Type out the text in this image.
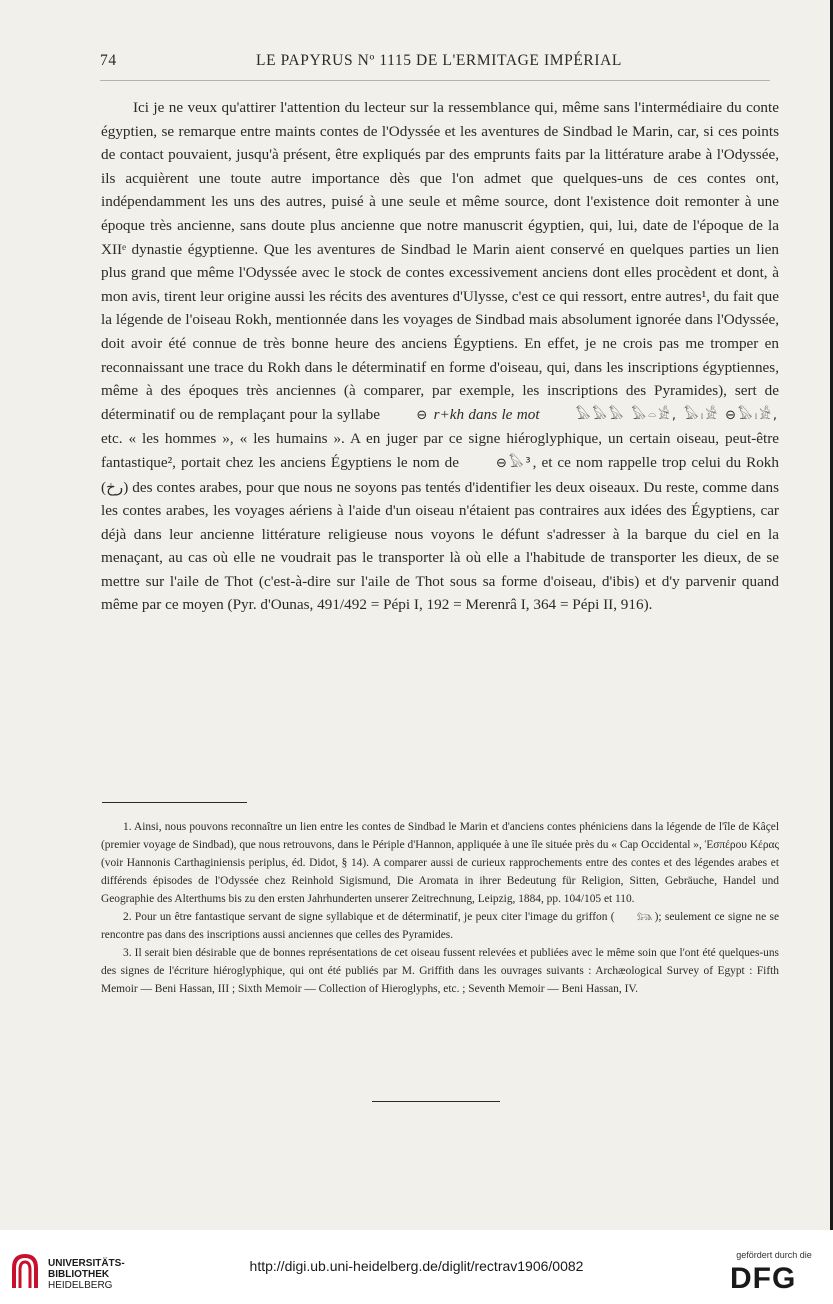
74	LE PAPYRUS Nº 1115 DE L'ERMITAGE IMPÉRIAL

Ici je ne veux qu'attirer l'attention du lecteur sur la ressemblance qui, même sans l'intermédiaire du conte égyptien, se remarque entre maints contes de l'Odyssée et les aventures de Sindbad le Marin, car, si ces points de contact pouvaient, jusqu'à présent, être expliqués par des emprunts faits par la littérature arabe à l'Odyssée, ils acquièrent une toute autre importance dès que l'on admet que quelques-uns de ces contes ont, indépendamment les uns des autres, puisé à une seule et même source, dont l'existence doit remonter à une époque très ancienne, sans doute plus ancienne que notre manuscrit égyptien, qui, lui, date de l'époque de la XIIᵉ dynastie égyptienne. Que les aventures de Sindbad le Marin aient conservé en quelques parties un lien plus grand que même l'Odyssée avec le stock de contes excessivement anciens dont elles procèdent et dont, à mon avis, tirent leur origine aussi les récits des aventures d'Ulysse, c'est ce qui ressort, entre autres¹, du fait que la légende de l'oiseau Rokh, mentionnée dans les voyages de Sindbad mais absolument ignorée dans l'Odyssée, doit avoir été connue de très bonne heure des anciens Égyptiens. En effet, je ne crois pas me tromper en reconnaissant une trace du Rokh dans le déterminatif en forme d'oiseau, qui, dans les inscriptions égyptiennes, même à des époques très anciennes (à comparer, par exemple, les inscriptions des Pyramides), sert de déterminatif ou de remplaçant pour la syllabe	⊖ r+kh dans le mot	𓅃𓅃𓅃 𓅃𓏏𓀀, 𓅃𓏤𓀀 ⊖𓅃𓏤𓀀, etc. « les hommes », « les humains ». A en juger par ce signe hiéroglyphique, un certain oiseau, peut-être fantastique², portait chez les anciens Égyptiens le nom de	⊖𓅃³, et ce nom rappelle trop celui du Rokh (رخ) des contes arabes, pour que nous ne soyons pas tentés d'identifier les deux oiseaux. Du reste, comme dans les contes arabes, les voyages aériens à l'aide d'un oiseau n'étaient pas contraires aux idées des Égyptiens, car déjà dans leur ancienne littérature religieuse nous voyons le défunt s'adresser à la barque du ciel en la menaçant, au cas où elle ne voudrait pas le transporter là où elle a l'habitude de transporter les dieux, de se mettre sur l'aile de Thot (c'est-à-dire sur l'aile de Thot sous sa forme d'oiseau, d'ibis) et d'y parvenir quand même par ce moyen (Pyr. d'Ounas, 491/492 = Pépi I, 192 = Merenrâ I, 364 = Pépi II, 916).

1. Ainsi, nous pouvons reconnaître un lien entre les contes de Sindbad le Marin et d'anciens contes phéniciens dans la légende de l'île de Kâçel (premier voyage de Sindbad), que nous retrouvons, dans le Périple d'Hannon, appliquée à une île située près du « Cap Occidental », Ἑσπέρου Κέρας (voir Hannonis Carthaginiensis periplus, éd. Didot, § 14). A comparer aussi de curieux rapprochements entre des contes et des légendes arabes et différends épisodes de l'Odyssée chez Reinhold Sigismund, Die Aromata in ihrer Bedeutung für Religion, Sitten, Gebräuche, Handel und Geographie des Alterthums bis zu den ersten Jahrhunderten unserer Zeitrechnung, Leipzig, 1884, pp. 104/105 et 110.

2. Pour un être fantastique servant de signe syllabique et de déterminatif, je peux citer l'image du griffon ( 𓃬); seulement ce signe ne se rencontre pas dans des inscriptions aussi anciennes que celles des Pyramides.

3. Il serait bien désirable que de bonnes représentations de cet oiseau fussent relevées et publiées avec le même soin que l'ont été quelques-uns des signes de l'écriture hiéroglyphique, qui ont été publiés par M. Griffith dans les ouvrages suivants : Archæological Survey of Egypt : Fifth Memoir — Beni Hassan, III ; Sixth Memoir — Collection of Hieroglyphs, etc. ; Seventh Memoir — Beni Hassan, IV.

UNIVERSITÄTS-
BIBLIOTHEK
HEIDELBERG
http://digi.ub.uni-heidelberg.de/diglit/rectrav1906/0082
gefördert durch die
DFG
